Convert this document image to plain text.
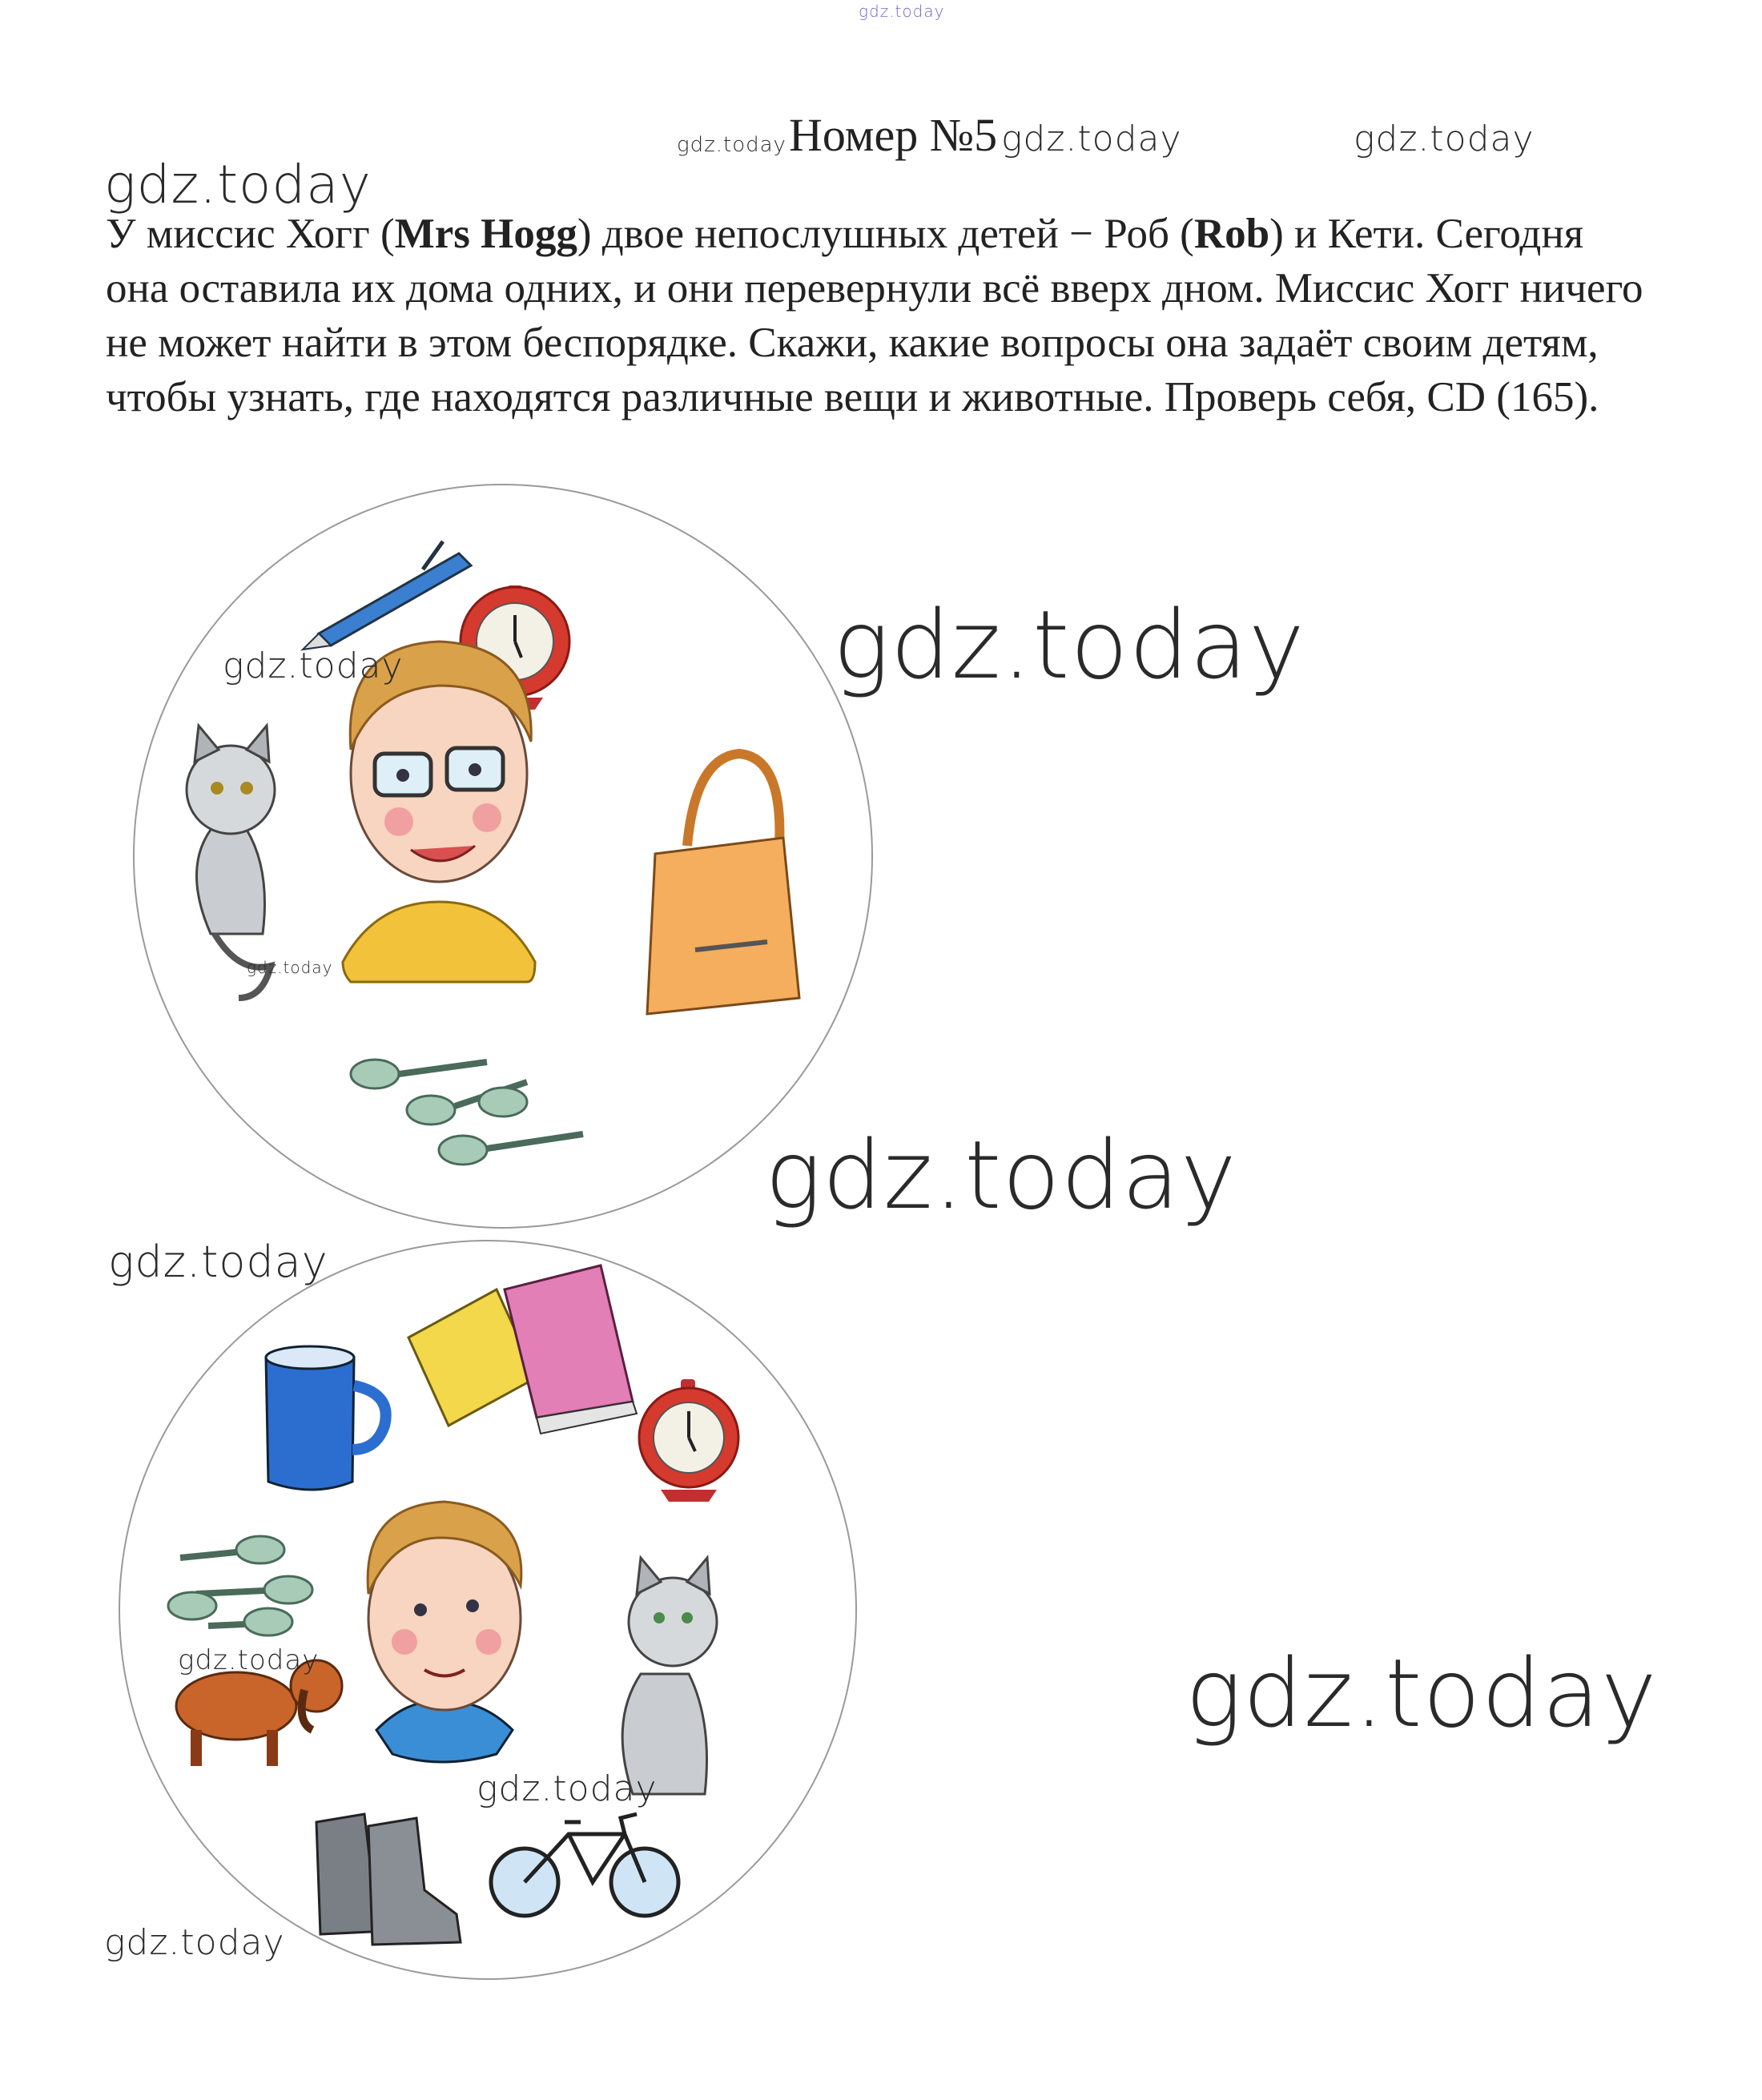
gdz.today
gdz.today	gdz.today	gdz.today
gdz.today
Номер №5
У миссис Хогг (Mrs Hogg) двое непослушных детей − Роб (Rob) и Кети. Сегодня она оставила их дома одних, и они перевернули всё вверх дном. Миссис Хогг ничего не может найти в этом беспорядке. Скажи, какие вопросы она задаёт своим детям, чтобы узнать, где находятся различные вещи и животные. Проверь себя, CD (165).
gdz.today
gdz.today
gdz.today
gdz.today
gdz.today
gdz.today
gdz.today
gdz.today
gdz.today
